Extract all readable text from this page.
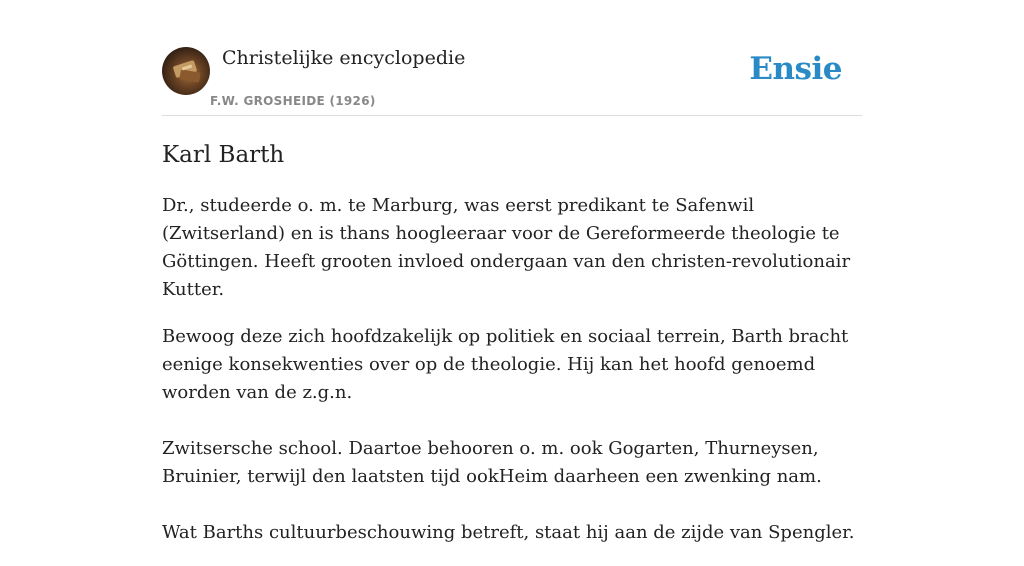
Christelijke encyclopedie
F.W. GROSHEIDE (1926)
Ensie
Karl Barth

Dr., studeerde o. m. te Marburg, was eerst predikant te Safenwil (Zwitserland) en is thans hoogleeraar voor de Gereformeerde theologie te Göttingen. Heeft grooten invloed ondergaan van den christen-revolutionair Kutter.

Bewoog deze zich hoofdzakelijk op politiek en sociaal terrein, Barth bracht eenige konsekwenties over op de theologie. Hij kan het hoofd genoemd worden van de z.g.n.

Zwitsersche school. Daartoe behooren o. m. ook Gogarten, Thurneysen, Bruinier, terwijl den laatsten tijd ookHeim daarheen een zwenking nam.

Wat Barths cultuurbeschouwing betreft, staat hij aan de zijde van Spengler.
